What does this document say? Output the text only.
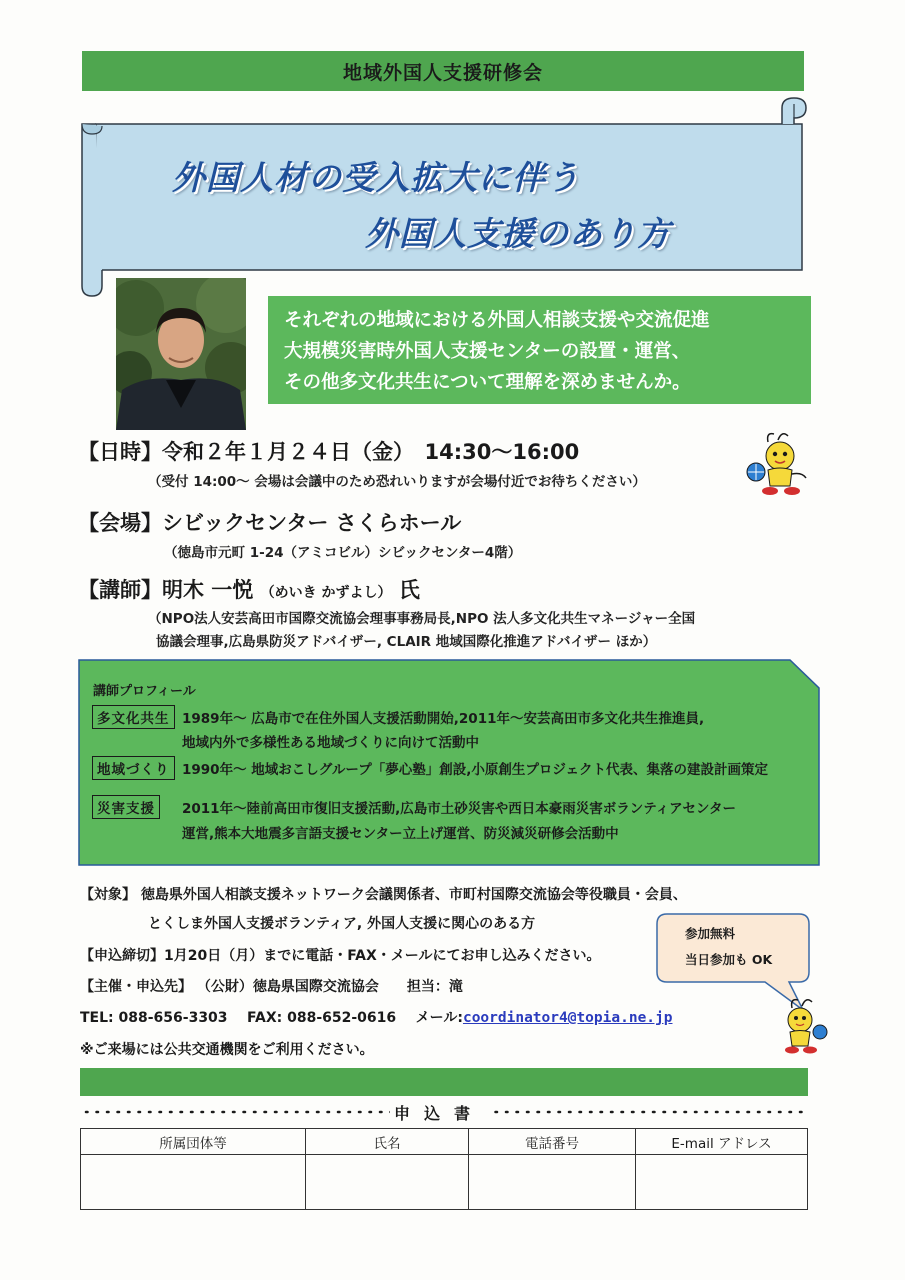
地域外国人支援研修会
外国人材の受入拡大に伴う
外国人支援のあり方
それぞれの地域における外国人相談支援や交流促進
大規模災害時外国人支援センターの設置・運営、
その他多文化共生について理解を深めませんか。
【日時】令和２年１月２４日（金）　14:30〜16:00
（受付 14:00〜 会場は会議中のため恐れいりますが会場付近でお待ちください）
【会場】シビックセンター さくらホール
（徳島市元町 1-24（アミコビル）シビックセンター4階）
【講師】明木 一悦 （めいき かずよし） 氏
（NPO法人安芸高田市国際交流協会理事事務局長,NPO 法人多文化共生マネージャー全国
協議会理事,広島県防災アドバイザー, CLAIR 地域国際化推進アドバイザー ほか）
講師プロフィール
多文化共生 1989年〜 広島市で在住外国人支援活動開始,2011年〜安芸高田市多文化共生推進員,
地域内外で多様性ある地域づくりに向けて活動中
地域づくり 1990年〜 地域おこしグループ「夢心塾」創設,小原創生プロジェクト代表、集落の建設計画策定
災害支援	2011年〜陸前高田市復旧支援活動,広島市土砂災害や西日本豪雨災害ボランティアセンター
運営,熊本大地震多言語支援センター立上げ運営、防災減災研修会活動中
【対象】 徳島県外国人相談支援ネットワーク会議関係者、市町村国際交流協会等役職員・会員、
とくしま外国人支援ボランティア, 外国人支援に関心のある方
【申込締切】1月20日（月）までに電話・FAX・メールにてお申し込みください。
【主催・申込先】 （公財）徳島県国際交流協会　　担当：滝
TEL: 088-656-3303 FAX: 088-652-0616 メール:coordinator4@topia.ne.jp
※ご来場には公共交通機関をご利用ください。
参加無料
当日参加も OK
申込書
所属団体等	氏名	電話番号	E-mail アドレス
